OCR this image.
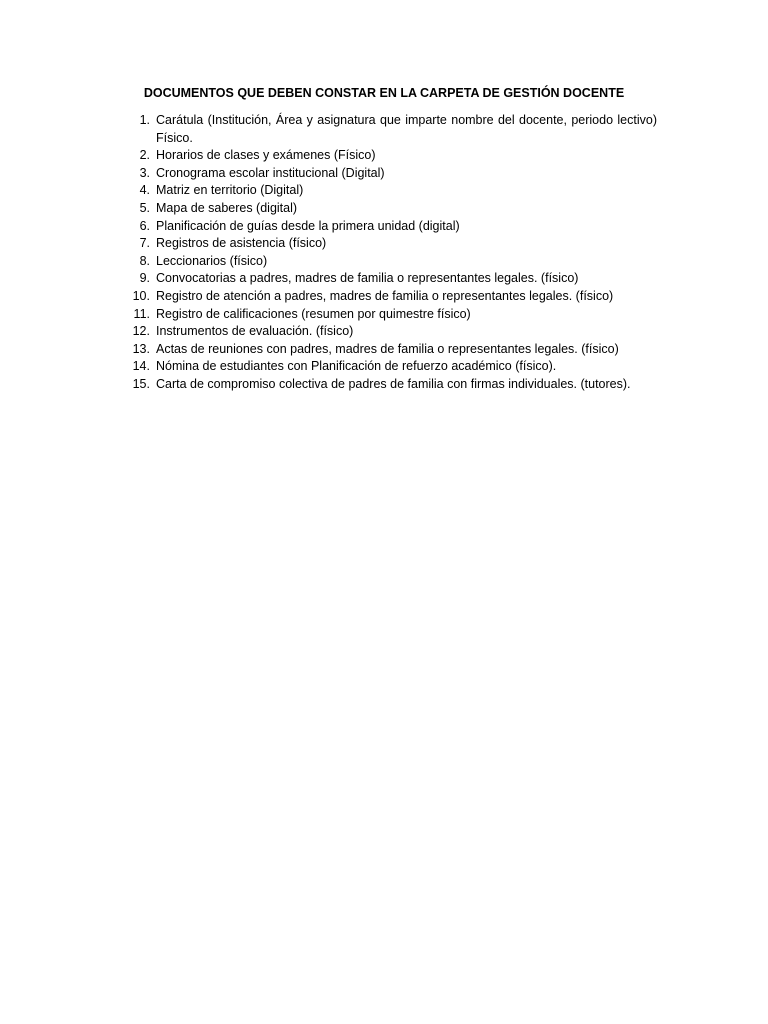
DOCUMENTOS QUE DEBEN CONSTAR EN LA CARPETA DE GESTIÓN DOCENTE
1. Carátula (Institución, Área y asignatura que imparte nombre del docente, periodo lectivo) Físico.
2. Horarios de clases y exámenes (Físico)
3. Cronograma escolar institucional (Digital)
4. Matriz en territorio (Digital)
5. Mapa de saberes (digital)
6. Planificación de guías desde la primera unidad (digital)
7. Registros de asistencia (físico)
8. Leccionarios (físico)
9. Convocatorias a padres, madres de familia o representantes legales. (físico)
10. Registro de atención a padres, madres de familia o representantes legales. (físico)
11. Registro de calificaciones (resumen por quimestre físico)
12. Instrumentos de evaluación. (físico)
13. Actas de reuniones con padres, madres de familia o representantes legales. (físico)
14. Nómina de estudiantes con Planificación de refuerzo académico (físico).
15. Carta de compromiso colectiva de padres de familia con firmas individuales. (tutores).
